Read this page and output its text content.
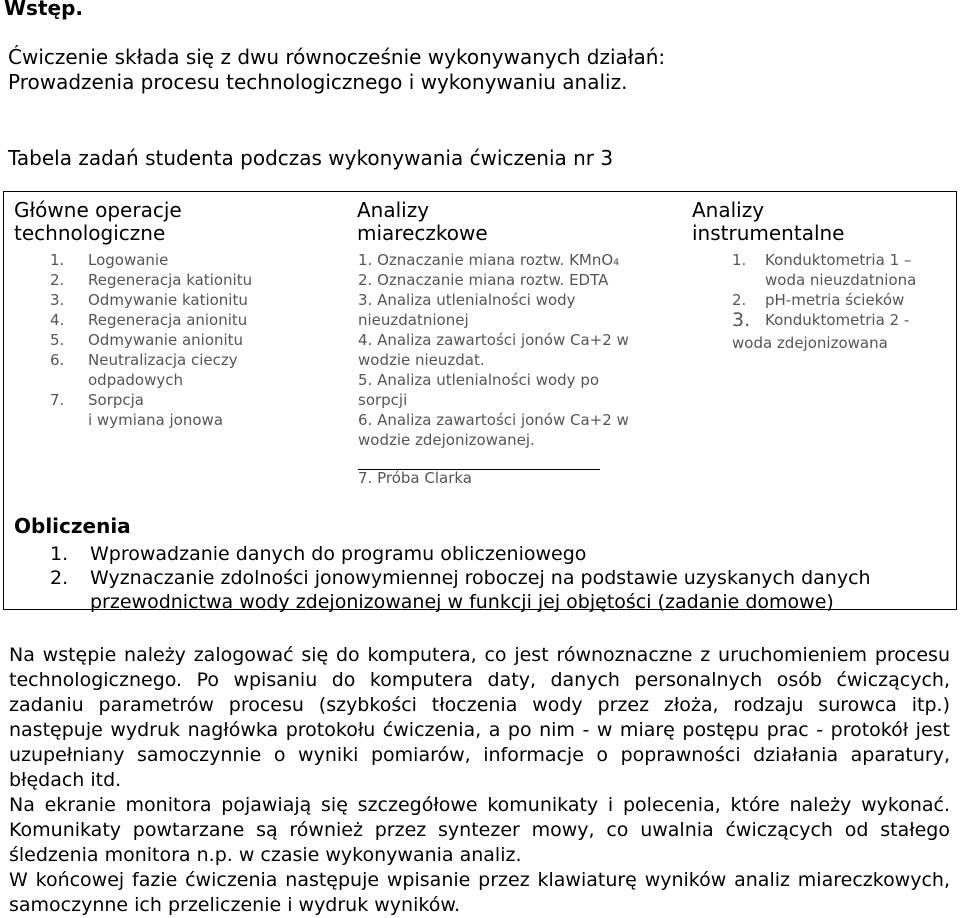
Wstęp.
Ćwiczenie składa się z dwu równocześnie wykonywanych działań:
Prowadzenia procesu technologicznego i wykonywaniu analiz.
Tabela zadań studenta podczas wykonywania ćwiczenia nr 3
Główne operacje
technologiczne
1.	Logowanie
2.	Regeneracja kationitu
3.	Odmywanie kationitu
4.	Regeneracja anionitu
5.	Odmywanie anionitu
6.	Neutralizacja cieczy
odpadowych
7.	Sorpcja
i wymiana jonowa
Analizy
miareczkowe
1. Oznaczanie miana roztw. KMnO₄
2. Oznaczanie miana roztw. EDTA
3. Analiza utlenialności wody
nieuzdatnionej
4. Analiza zawartości jonów Ca+2 w
wodzie nieuzdat.
5. Analiza utlenialności wody po
sorpcji
6. Analiza zawartości jonów Ca+2 w
wodzie zdejonizowanej.
7. Próba Clarka
Analizy
instrumentalne
1.	Konduktometria 1 –
woda nieuzdatniona
2.	pH-metria ścieków
3. Konduktometria 2 -
woda zdejonizowana
Obliczenia
1.	Wprowadzanie danych do programu obliczeniowego
2.	Wyznaczanie zdolności jonowymiennej roboczej na podstawie uzyskanych danych
przewodnictwa wody zdejonizowanej w funkcji jej objętości (zadanie domowe)
Na wstępie należy zalogować się do komputera, co jest równoznaczne z uruchomieniem procesu technologicznego. Po wpisaniu do komputera daty, danych personalnych osób ćwiczących, zadaniu parametrów procesu (szybkości tłoczenia wody przez złoża, rodzaju surowca itp.) następuje wydruk nagłówka protokołu ćwiczenia, a po nim - w miarę postępu prac - protokół jest uzupełniany samoczynnie o wyniki pomiarów, informacje o poprawności działania aparatury, błędach itd.
Na ekranie monitora pojawiają się szczegółowe komunikaty i polecenia, które należy wykonać. Komunikaty powtarzane są również przez syntezer mowy, co uwalnia ćwiczących od stałego śledzenia monitora n.p. w czasie wykonywania analiz.
W końcowej fazie ćwiczenia następuje wpisanie przez klawiaturę wyników analiz miareczkowych, samoczynne ich przeliczenie i wydruk wyników.
